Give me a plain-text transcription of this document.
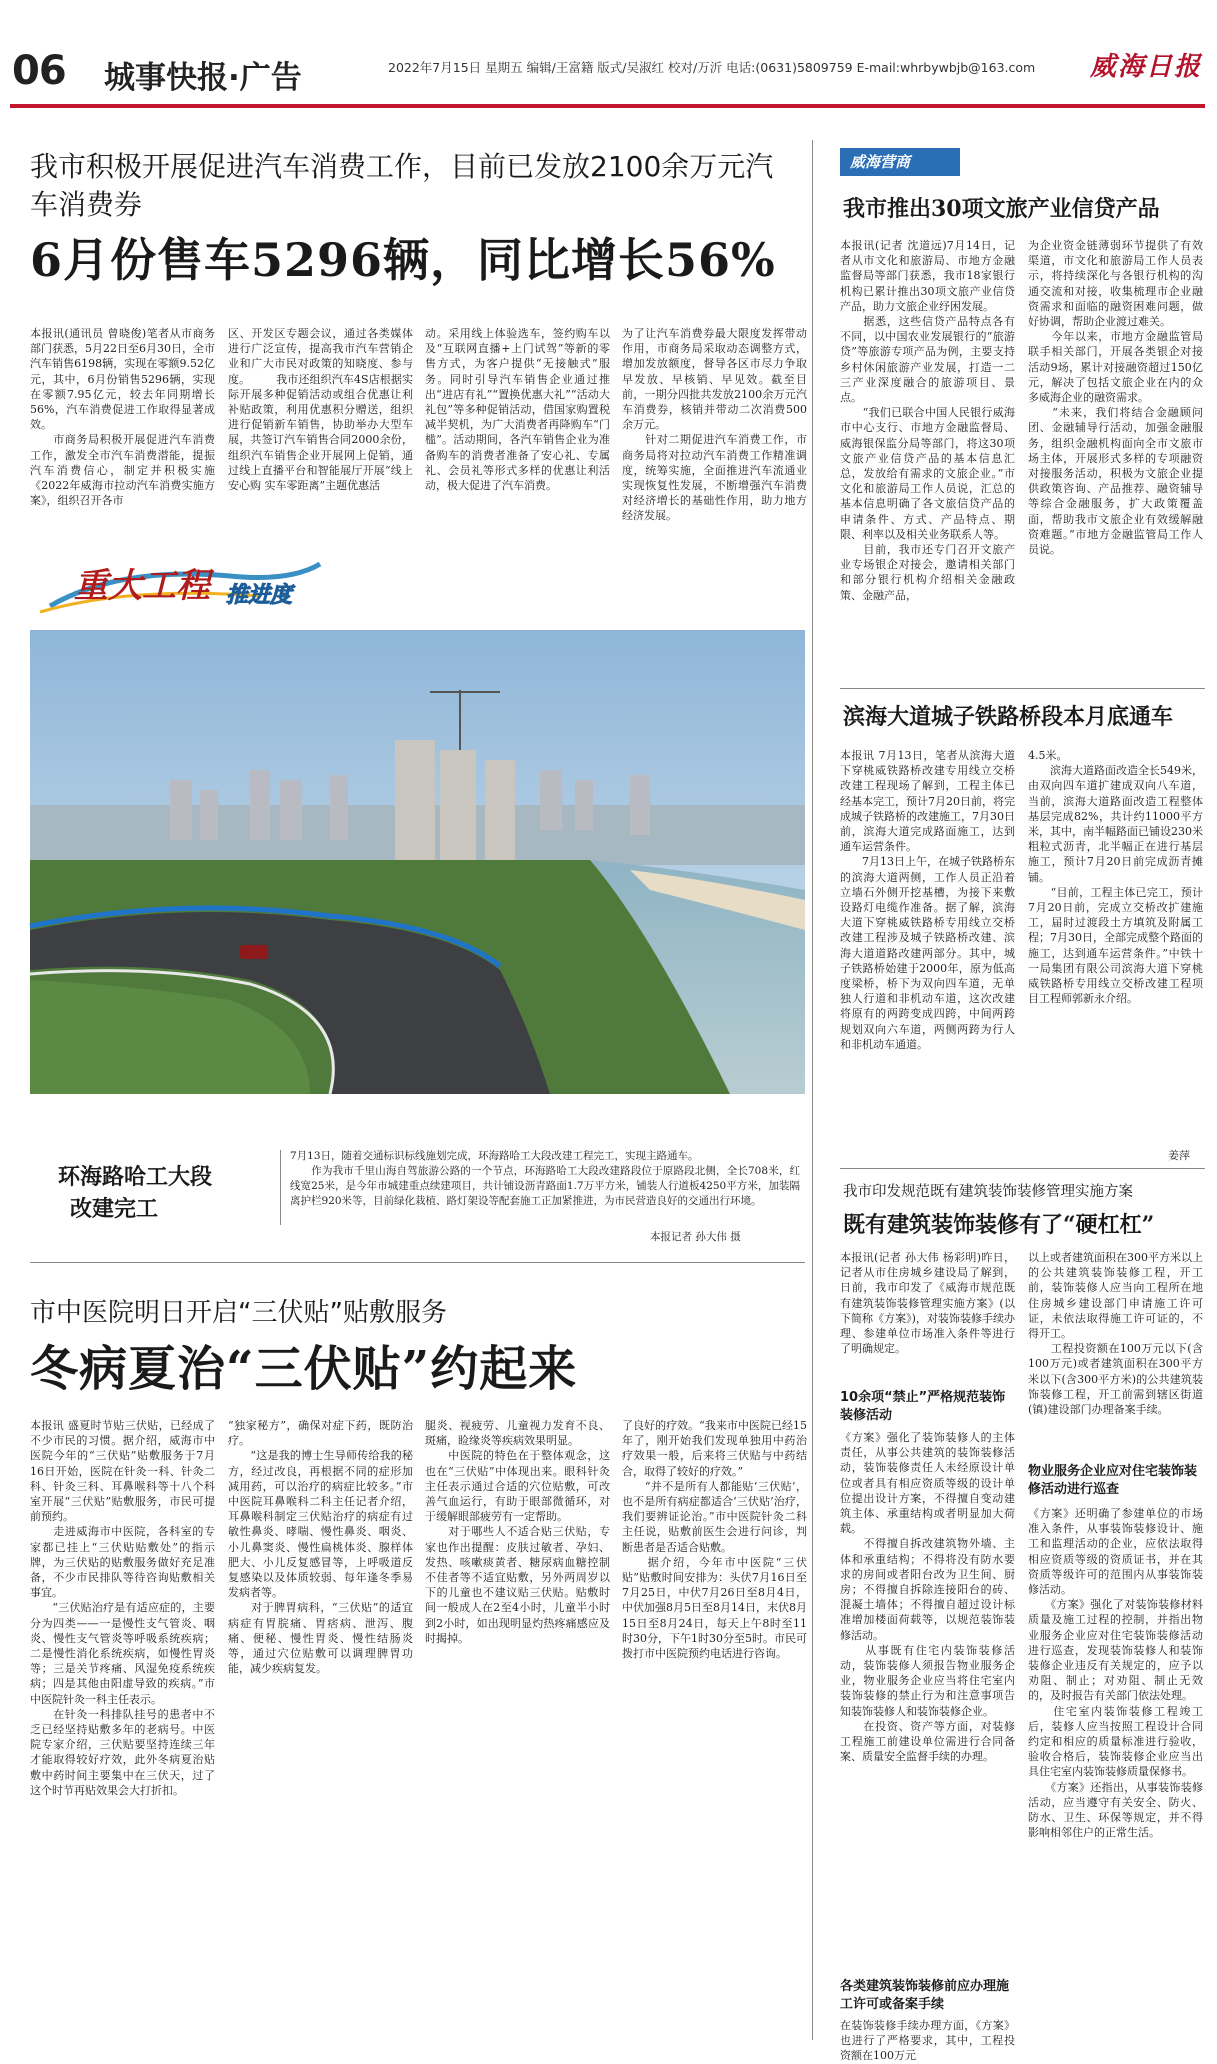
06 城事快报·广告	2022年7月15日 星期五 编辑/王富籍 版式/吴淑红 校对/万沂 电话:(0631)5809759 E-mail:whrbywbjb@163.com 威海日报
我市积极开展促进汽车消费工作，目前已发放2100余万元汽车消费券
6月份售车5296辆，同比增长56%
本报讯(通讯员 曾晓俊)笔者从市商务部门获悉，5月22日至6月30日，全市汽车销售6198辆，实现在零额9.52亿元，其中，6月份销售5296辆，实现在零额7.95亿元，较去年同期增长56%，汽车消费促进工作取得显著成效。
　　市商务局积极开展促进汽车消费工作，激发全市汽车消费潜能，提振汽车消费信心，制定并积极实施《2022年威海市拉动汽车消费实施方案》，组织召开各市
区、开发区专题会议，通过各类媒体进行广泛宣传，提高我市汽车营销企业和广大市民对政策的知晓度、参与度。 　　我市还组织汽车4S店根据实际开展多种促销活动或组合优惠让利补贴政策，利用优惠积分赠送，组织进行促销新车销售，协助举办大型车展，共签订汽车销售合同2000余份，组织汽车销售企业开展网上促销，通过线上直播平台和智能展厅开展“线上安心购 实车零距离”主题优惠活
动。采用线上体验选车，签约购车以及“互联网直播+上门试驾”等新的零售方式，为客户提供“无接触式”服务。同时引导汽车销售企业通过推出“进店有礼”“置换优惠大礼”“活动大礼包”等多种促销活动，借国家购置税减半契机，为广大消费者再降购车“门槛”。活动期间，各汽车销售企业为准备购车的消费者准备了安心礼、专属礼、会员礼等形式多样的优惠让利活动，极大促进了汽车消费。
为了让汽车消费券最大限度发挥带动作用，市商务局采取动态调整方式，增加发放额度，督导各区市尽力争取早发放、早核销、早见效。截至目前，一期分四批共发放2100余万元汽车消费券，核销并带动二次消费500余万元。
　　针对二期促进汽车消费工作，市商务局将对拉动汽车消费工作精准调度，统筹实施，全面推进汽车流通业实现恢复性发展，不断增强汽车消费对经济增长的基础性作用，助力地方经济发展。
重大工程 推进度
环海路哈工大段
改建完工
7月13日，随着交通标识标线施划完成，环海路哈工大段改建工程完工，实现主路通车。
　　作为我市千里山海自驾旅游公路的一个节点，环海路哈工大段改建路段位于原路段北侧，全长708米，红线宽25米，是今年市城建重点续建项目，共计铺设沥青路面1.7万平方米，铺装人行道板4250平方米，加装隔离护栏920米等，目前绿化栽植、路灯架设等配套施工正加紧推进，为市民营造良好的交通出行环境。
本报记者 孙大伟 摄
市中医院明日开启“三伏贴”贴敷服务
冬病夏治“三伏贴”约起来
本报讯 盛夏时节贴三伏贴，已经成了不少市民的习惯。据介绍，威海市中医院今年的“三伏贴”贴敷服务于7月16日开始，医院在针灸一科、针灸二科、针灸三科、耳鼻喉科等十八个科室开展“三伏贴”贴敷服务，市民可提前预约。
　　走进威海市中医院，各科室的专家都已挂上“三伏贴贴敷处”的指示牌，为三伏贴的贴敷服务做好充足准备，不少市民排队等待咨询贴敷相关事宜。
　　“三伏贴治疗是有适应症的，主要分为四类——一是慢性支气管炎、咽炎、慢性支气管炎等呼吸系统疾病；二是慢性消化系统疾病，如慢性胃炎等；三是关节疼痛、风湿免疫系统疾病；四是其他由阳虚导致的疾病。”市中医院针灸一科主任表示。
　　在针灸一科排队挂号的患者中不乏已经坚持贴敷多年的老病号。中医院专家介绍，三伏贴要坚持连续三年才能取得较好疗效，此外冬病夏治贴敷中药时间主要集中在三伏天，过了这个时节再贴效果会大打折扣。
“独家秘方”，确保对症下药，既防治疗。
　　“这是我的博士生导师传给我的秘方，经过改良，再根据不同的症形加减用药，可以治疗的病症比较多。”市中医院耳鼻喉科二科主任记者介绍，耳鼻喉科制定三伏贴治疗的病症有过敏性鼻炎、哮喘、慢性鼻炎、咽炎、小儿鼻窦炎、慢性扁桃体炎、腺样体肥大、小儿反复感冒等，上呼吸道反复感染以及体质较弱、每年逢冬季易发病者等。
　　对于脾胃病科，“三伏贴”的适宜病症有胃脘痛、胃痞病、泄泻、腹痛、便秘、慢性胃炎、慢性结肠炎等，通过穴位贴敷可以调理脾胃功能，减少疾病复发。
腿炎、视疲劳、儿童视力发育不良、斑痛，睑缘炎等疾病效果明显。
　　中医院的特色在于整体观念，这也在“三伏贴”中体现出来。眼科针灸主任表示通过合适的穴位贴敷，可改善气血运行，有助于眼部微循环，对于缓解眼部疲劳有一定帮助。
　　对于哪些人不适合贴三伏贴，专家也作出提醒：皮肤过敏者、孕妇、发热、咳嗽痰黄者、糖尿病血糖控制不佳者等不适宜贴敷，另外两周岁以下的儿童也不建议贴三伏贴。贴敷时间一般成人在2至4小时，儿童半小时到2小时，如出现明显灼热疼痛感应及时揭掉。
了良好的疗效。“我来市中医院已经15年了，刚开始我们发现单独用中药治疗效果一般，后来将三伏贴与中药结合，取得了较好的疗效。”
　　“并不是所有人都能贴‘三伏贴’，也不是所有病症都适合‘三伏贴’治疗，我们要辨证论治。”市中医院针灸二科主任说，贴敷前医生会进行问诊，判断患者是否适合贴敷。
　　据介绍，今年市中医院“三伏贴”贴敷时间安排为：头伏7月16日至7月25日，中伏7月26日至8月4日，中伏加强8月5日至8月14日，末伏8月15日至8月24日，每天上午8时至11时30分，下午1时30分至5时。市民可拨打市中医院预约电话进行咨询。
威海营商
我市推出30项文旅产业信贷产品
本报讯(记者 沈道远)7月14日，记者从市文化和旅游局、市地方金融监督局等部门获悉，我市18家银行机构已累计推出30项文旅产业信贷产品，助力文旅企业纾困发展。
　　据悉，这些信贷产品特点各有不同，以中国农业发展银行的“旅游贷”等旅游专项产品为例，主要支持乡村休闲旅游产业发展，打造一二三产业深度融合的旅游项目、景点。
　　“我们已联合中国人民银行威海市中心支行、市地方金融监督局、威海银保监分局等部门，将这30项文旅产业信贷产品的基本信息汇总，发放给有需求的文旅企业。”市文化和旅游局工作人员说，汇总的基本信息明确了各文旅信贷产品的申请条件、方式、产品特点、期限、利率以及相关业务联系人等。
　　目前，我市还专门召开文旅产业专场银企对接会，邀请相关部门和部分银行机构介绍相关金融政策、金融产品，
为企业资金链薄弱环节提供了有效渠道，市文化和旅游局工作人员表示，将持续深化与各银行机构的沟通交流和对接，收集梳理市企业融资需求和面临的融资困难问题，做好协调，帮助企业渡过难关。
　　今年以来，市地方金融监管局联手相关部门，开展各类银企对接活动9场，累计对接融资超过150亿元，解决了包括文旅企业在内的众多威海企业的融资需求。
　　“未来，我们将结合金融顾问团、金融辅导行活动，加强金融服务，组织金融机构面向全市文旅市场主体，开展形式多样的专项融资对接服务活动，积极为文旅企业提供政策咨询、产品推荐、融资辅导等综合金融服务，扩大政策覆盖面，帮助我市文旅企业有效缓解融资难题。”市地方金融监管局工作人员说。
滨海大道城子铁路桥段本月底通车
本报讯 7月13日，笔者从滨海大道下穿桃威铁路桥改建专用线立交桥改建工程现场了解到，工程主体已经基本完工，预计7月20日前，将完成城子铁路桥的改建施工，7月30日前，滨海大道完成路面施工，达到通车运营条件。
　　7月13日上午，在城子铁路桥东的滨海大道两侧，工作人员正沿着立墙石外侧开挖基槽，为接下来敷设路灯电缆作准备。据了解，滨海大道下穿桃威铁路桥专用线立交桥改建工程涉及城子铁路桥改建、滨海大道道路改建两部分。其中，城子铁路桥始建于2000年，原为低高度梁桥，桥下为双向四车道，无单独人行道和非机动车道，这次改建将原有的两跨变成四跨，中间两跨规划双向六车道，两侧两跨为行人和非机动车通道。
4.5米。
　　滨海大道路面改造全长549米，由双向四车道扩建成双向八车道，当前，滨海大道路面改造工程整体基层完成82%，共计约11000平方米，其中，南半幅路面已铺设230米粗粒式沥青，北半幅正在进行基层施工，预计7月20日前完成沥青摊铺。
　　“目前，工程主体已完工，预计7月20日前，完成立交桥改扩建施工，届时过渡段土方填筑及附属工程；7月30日，全部完成整个路面的施工，达到通车运营条件。”中铁十一局集团有限公司滨海大道下穿桃威铁路桥专用线立交桥改建工程项目工程师郭新永介绍。
姜萍
我市印发规范既有建筑装饰装修管理实施方案
既有建筑装饰装修有了“硬杠杠”
本报讯(记者 孙大伟 杨彩明)昨日，记者从市住房城乡建设局了解到，日前，我市印发了《威海市规范既有建筑装饰装修管理实施方案》(以下简称《方案》)，对装饰装修手续办理、参建单位市场准入条件等进行了明确规定。
以上或者建筑面积在300平方米以上的公共建筑装饰装修工程，开工前，装饰装修人应当向工程所在地住房城乡建设部门申请施工许可证，未依法取得施工许可证的，不得开工。
　　工程投资额在100万元以下(含100万元)或者建筑面积在300平方米以下(含300平方米)的公共建筑装饰装修工程，开工前需到辖区街道(镇)建设部门办理备案手续。
10余项“禁止”严格规范装饰装修活动
《方案》强化了装饰装修人的主体责任，从事公共建筑的装饰装修活动，装饰装修责任人未经原设计单位或者具有相应资质等级的设计单位提出设计方案，不得擅自变动建筑主体、承重结构或者明显加大荷载。
　　不得擅自拆改建筑物外墙、主体和承重结构；不得将没有防水要求的房间或者阳台改为卫生间、厨房；不得擅自拆除连接阳台的砖、混凝土墙体；不得擅自超过设计标准增加楼面荷载等，以规范装饰装修活动。
　　从事既有住宅内装饰装修活动，装饰装修人须报告物业服务企业，物业服务企业应当将住宅室内装饰装修的禁止行为和注意事项告知装饰装修人和装饰装修企业。
　　在投资、资产等方面，对装修工程施工前建设单位需进行合同备案、质量安全监督手续的办理。
物业服务企业应对住宅装饰装修活动进行巡查
《方案》还明确了参建单位的市场准入条件，从事装饰装修设计、施工和监理活动的企业，应依法取得相应资质等级的资质证书，并在其资质等级许可的范围内从事装饰装修活动。
　　《方案》强化了对装饰装修材料质量及施工过程的控制，并指出物业服务企业应对住宅装饰装修活动进行巡查，发现装饰装修人和装饰装修企业违反有关规定的，应予以劝阻、制止；对劝阻、制止无效的，及时报告有关部门依法处理。
　　住宅室内装饰装修工程竣工后，装修人应当按照工程设计合同约定和相应的质量标准进行验收，验收合格后，装饰装修企业应当出具住宅室内装饰装修质量保修书。
　　《方案》还指出，从事装饰装修活动，应当遵守有关安全、防火、防水、卫生、环保等规定，并不得影响相邻住户的正常生活。
各类建筑装饰装修前应办理施工许可或备案手续
在装饰装修手续办理方面，《方案》也进行了严格要求，其中，工程投资额在100万元
